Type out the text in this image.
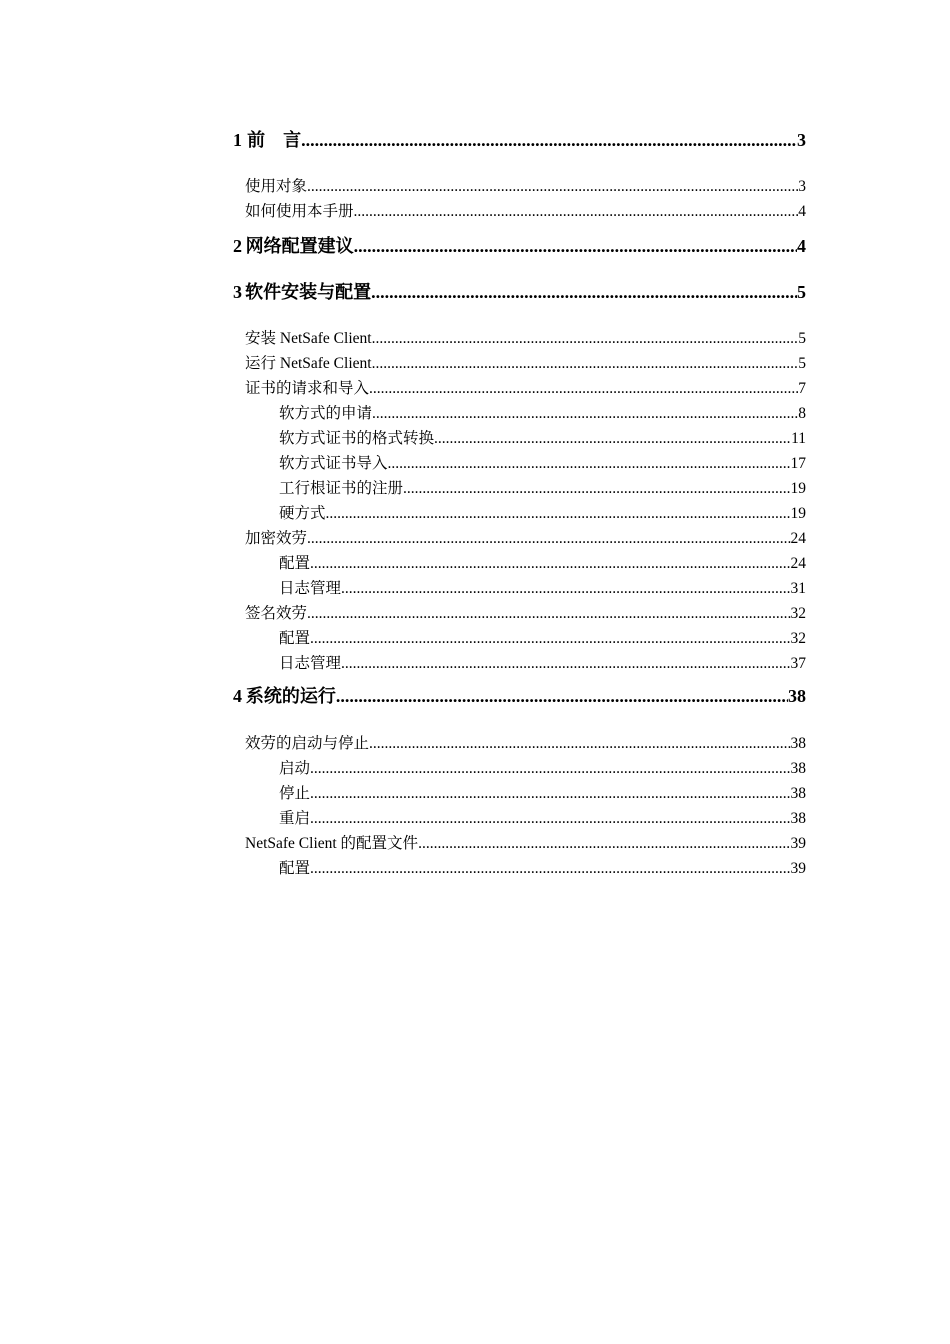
1 前　言 .....	3
使用对象 .....	3
如何使用本手册 .....	4
2 网络配置建议 .....	4
3 软件安装与配置 .....	5
安装 NetSafe Client .....	5
运行 NetSafe Client .....	5
证书的请求和导入 .....	7
软方式的申请 .....	8
软方式证书的格式转换 .....	11
软方式证书导入 .....	17
工行根证书的注册 .....	19
硬方式 .....	19
加密效劳 .....	24
配置 .....	24
日志管理 .....	31
签名效劳 .....	32
配置 .....	32
日志管理 .....	37
4 系统的运行 .....	38
效劳的启动与停止 .....	38
启动 .....	38
停止 .....	38
重启 .....	38
NetSafe Client 的配置文件 .....	39
配置 .....	39
